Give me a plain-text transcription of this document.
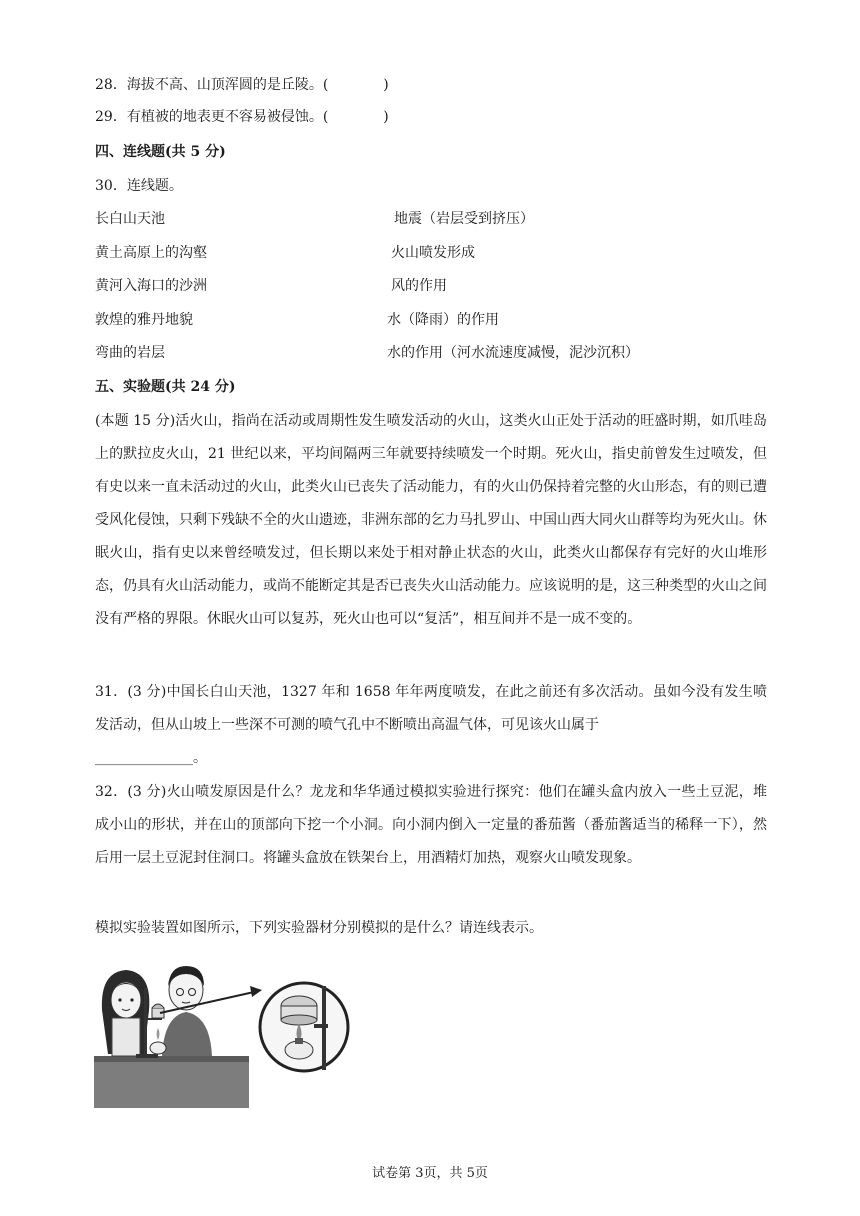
28．海拔不高、山顶浑圆的是丘陵。(	)
29．有植被的地表更不容易被侵蚀。(	)
四、连线题(共 5 分)
30．连线题。
长白山天池
黄土高原上的沟壑
黄河入海口的沙洲
敦煌的雅丹地貌
弯曲的岩层
地震（岩层受到挤压）
火山喷发形成
风的作用
水（降雨）的作用
水的作用（河水流速度减慢，泥沙沉积）
五、实验题(共 24 分)
(本题 15 分)活火山，指尚在活动或周期性发生喷发活动的火山，这类火山正处于活动的旺盛时期，如爪哇岛上的默拉皮火山，21 世纪以来，平均间隔两三年就要持续喷发一个时期。死火山，指史前曾发生过喷发，但有史以来一直未活动过的火山，此类火山已丧失了活动能力，有的火山仍保持着完整的火山形态，有的则已遭受风化侵蚀，只剩下残缺不全的火山遗迹，非洲东部的乞力马扎罗山、中国山西大同火山群等均为死火山。休眠火山，指有史以来曾经喷发过，但长期以来处于相对静止状态的火山，此类火山都保存有完好的火山堆形态，仍具有火山活动能力，或尚不能断定其是否已丧失火山活动能力。应该说明的是，这三种类型的火山之间没有严格的界限。休眠火山可以复苏，死火山也可以“复活”，相互间并不是一成不变的。
31．(3 分)中国长白山天池，1327 年和 1658 年年两度喷发，在此之前还有多次活动。虽如今没有发生喷发活动，但从山坡上一些深不可测的喷气孔中不断喷出高温气体，可见该火山属于
______________。
32．(3 分)火山喷发原因是什么？龙龙和华华通过模拟实验进行探究：他们在罐头盒内放入一些土豆泥，堆成小山的形状，并在山的顶部向下挖一个小洞。向小洞内倒入一定量的番茄酱（番茄酱适当的稀释一下），然后用一层土豆泥封住洞口。将罐头盒放在铁架台上，用酒精灯加热，观察火山喷发现象。
模拟实验装置如图所示，下列实验器材分别模拟的是什么？请连线表示。
试卷第 3页，共 5页
